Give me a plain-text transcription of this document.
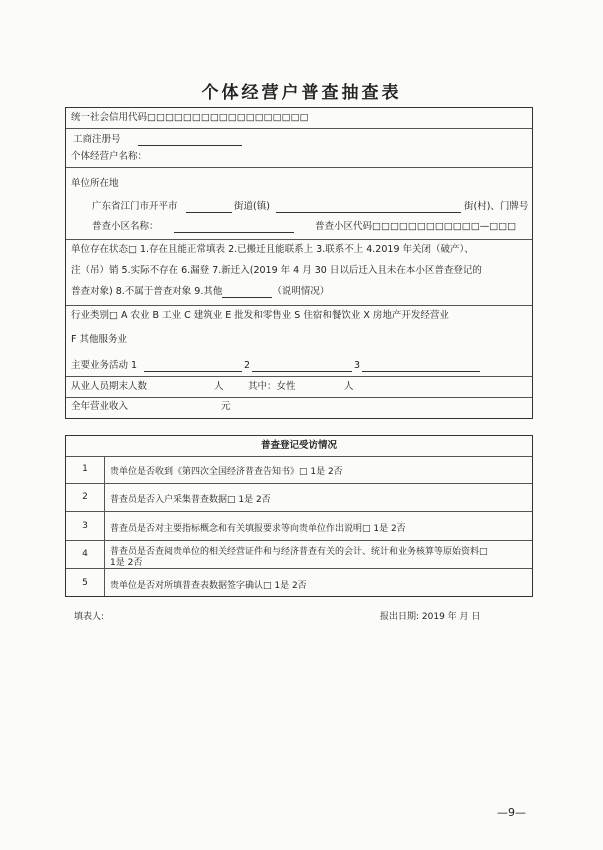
个体经营户普查抽查表
统一社会信用代码□□□□□□□□□□□□□□□□□□
工商注册号
个体经营户名称：
单位所在地
广东省江门市开平市	街道(镇)	街(村)、门牌号
普查小区名称：	普查小区代码□□□□□□□□□□□□—□□□
单位存在状态□ 1.存在且能正常填表 2.已搬迁且能联系上 3.联系不上 4.2019 年关闭（破产）、
注（吊）销 5.实际不存在 6.漏登 7.新迁入(2019 年 4 月 30 日以后迁入且未在本小区普查登记的
普查对象) 8.不属于普查对象 9.其他	（说明情况）
行业类别□ A 农业 B 工业 C 建筑业 E 批发和零售业 S 住宿和餐饮业 X 房地产开发经营业
F 其他服务业
主要业务活动 1	2	3
从业人员期末人数	人	其中：女性	人
全年营业收入	元
普查登记受访情况
1	贵单位是否收到《第四次全国经济普查告知书》□ 1是 2否
2	普查员是否入户采集普查数据□ 1是 2否
3	普查员是否对主要指标概念和有关填报要求等向贵单位作出说明□ 1是 2否
4	普查员是否查阅贵单位的相关经营证件和与经济普查有关的会计、统计和业务核算等原始资料□
1是 2否
5	贵单位是否对所填普查表数据签字确认□ 1是 2否
填表人:	报出日期: 2019 年 月 日
—9—
